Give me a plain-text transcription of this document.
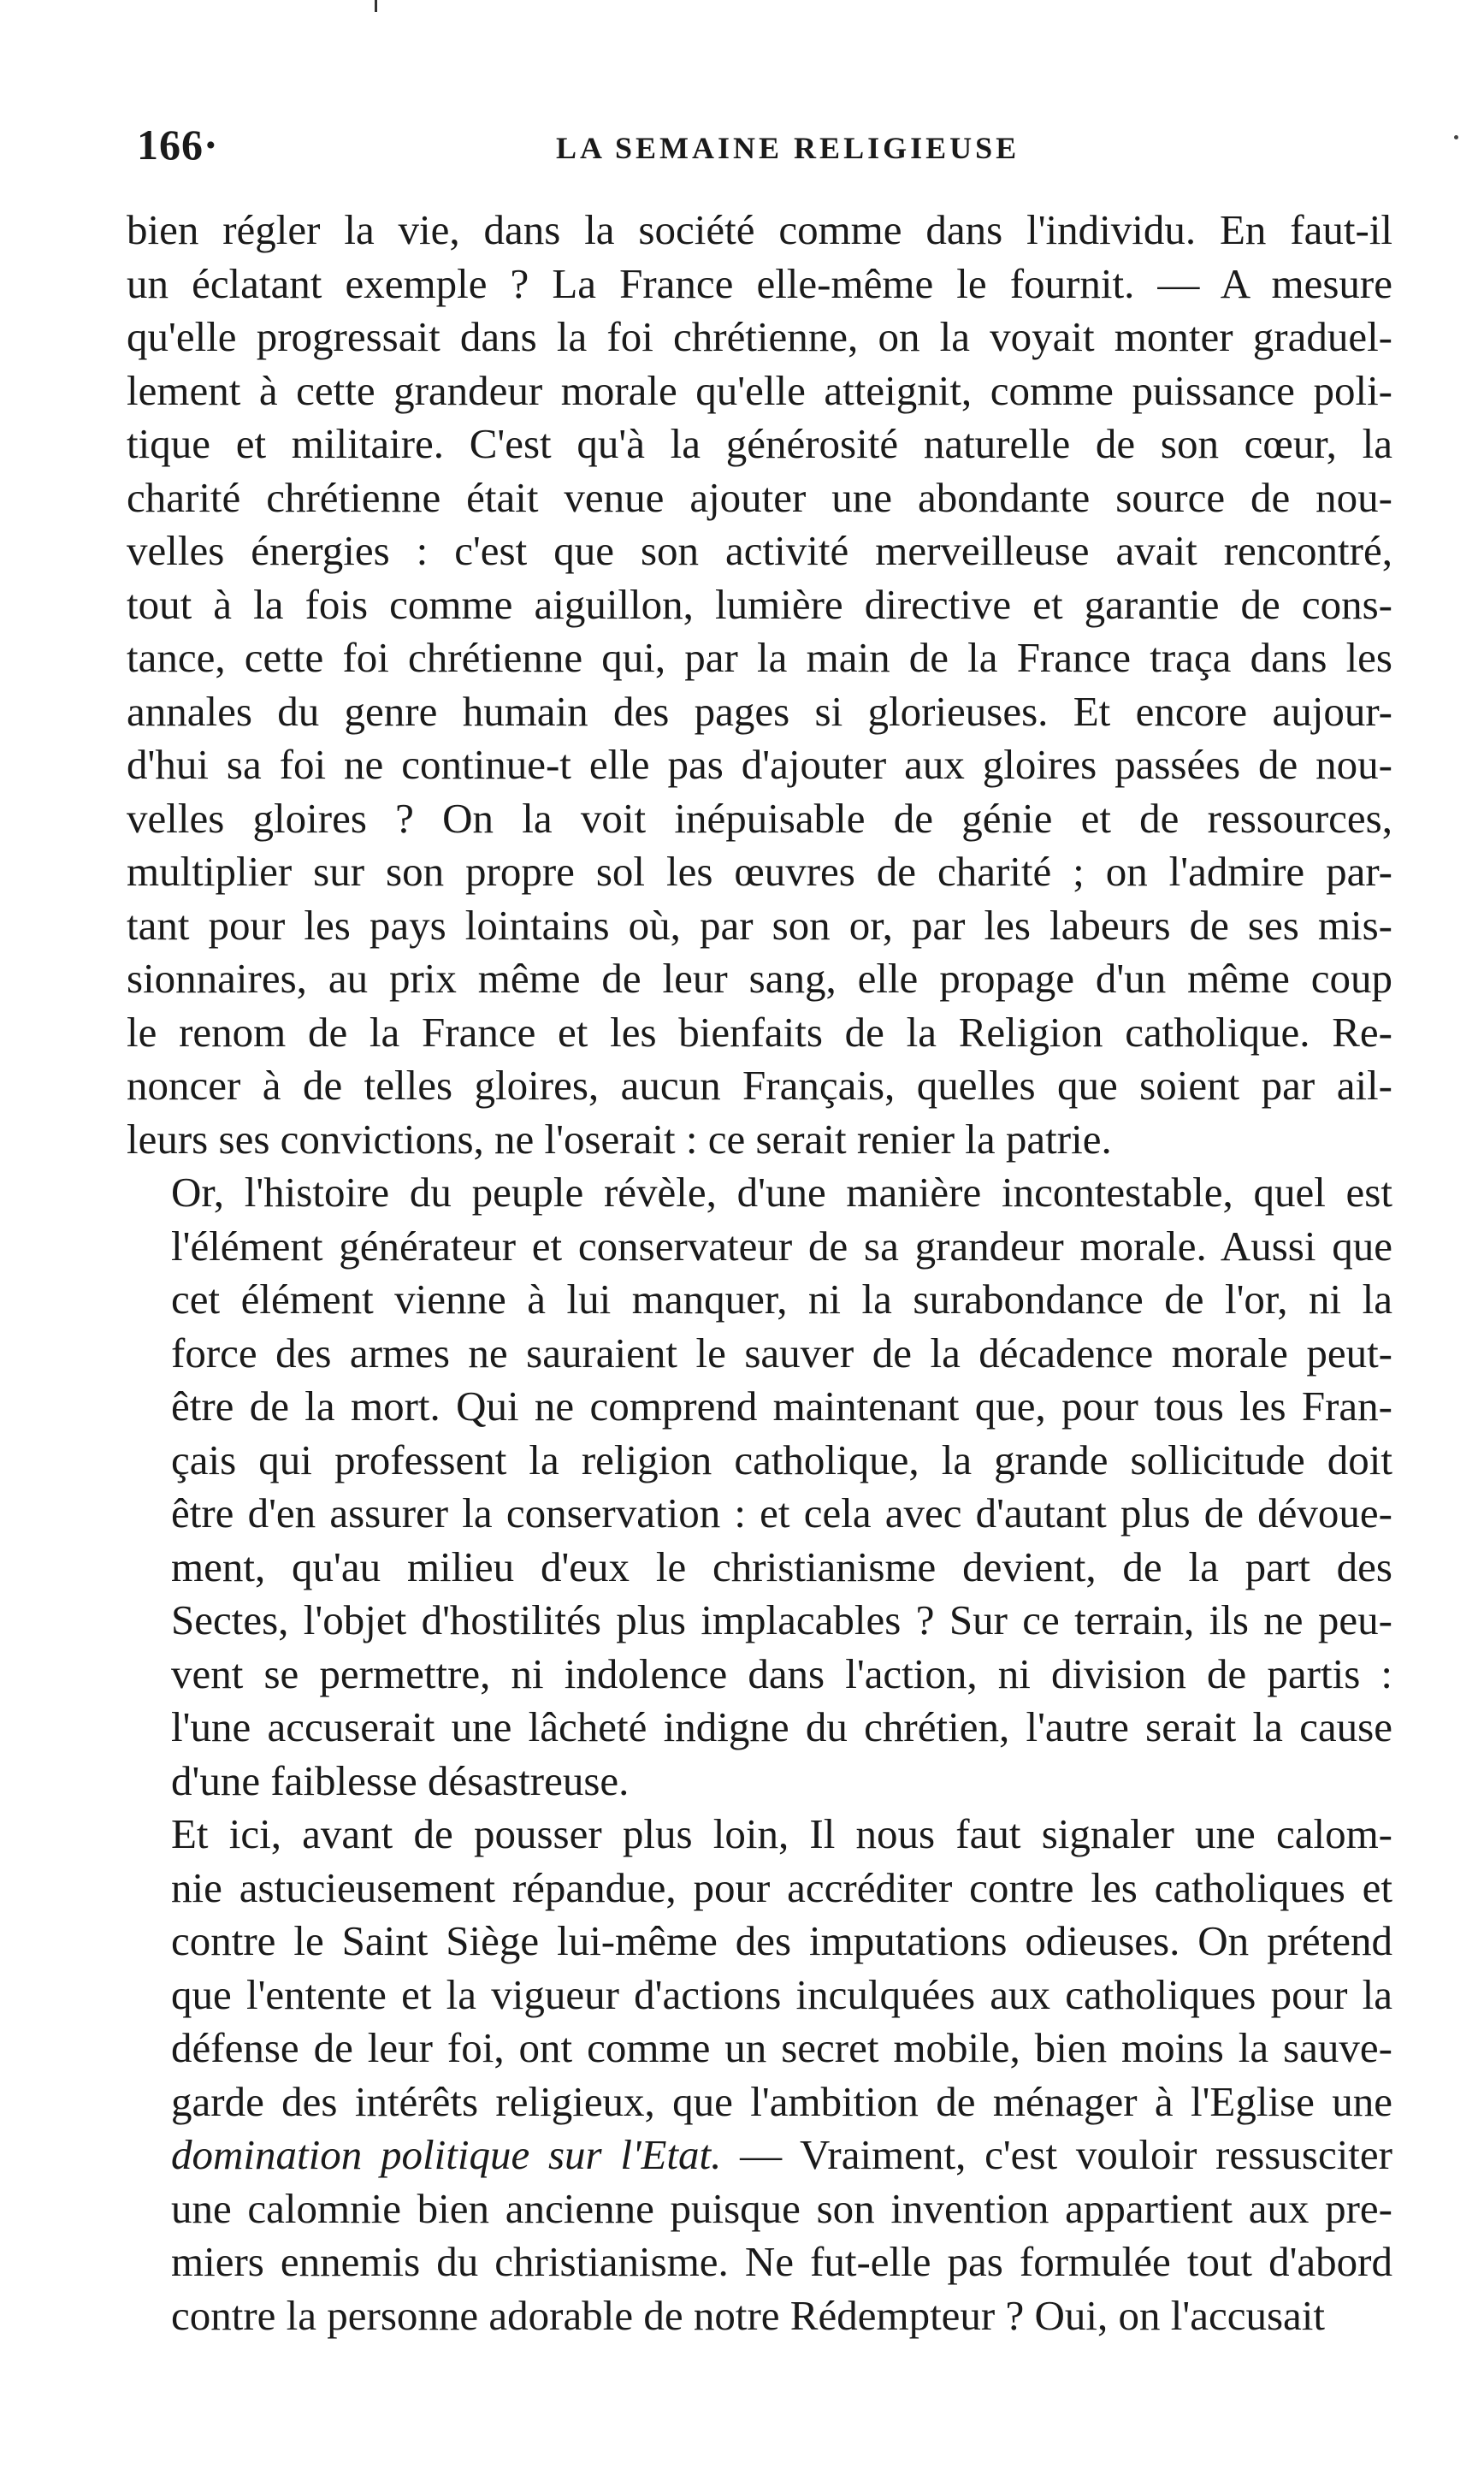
166·	LA SEMAINE RELIGIEUSE
bien régler la vie, dans la société comme dans l'individu. En faut-il
un éclatant exemple ? La France elle-même le fournit. — A mesure
qu'elle progressait dans la foi chrétienne, on la voyait monter graduel-
lement à cette grandeur morale qu'elle atteignit, comme puissance poli-
tique et militaire. C'est qu'à la générosité naturelle de son cœur, la
charité chrétienne était venue ajouter une abondante source de nou-
velles énergies : c'est que son activité merveilleuse avait rencontré,
tout à la fois comme aiguillon, lumière directive et garantie de cons-
tance, cette foi chrétienne qui, par la main de la France traça dans les
annales du genre humain des pages si glorieuses. Et encore aujour-
d'hui sa foi ne continue-t elle pas d'ajouter aux gloires passées de nou-
velles gloires ? On la voit inépuisable de génie et de ressources,
multiplier sur son propre sol les œuvres de charité ; on l'admire par-
tant pour les pays lointains où, par son or, par les labeurs de ses mis-
sionnaires, au prix même de leur sang, elle propage d'un même coup
le renom de la France et les bienfaits de la Religion catholique. Re-
noncer à de telles gloires, aucun Français, quelles que soient par ail-
leurs ses convictions, ne l'oserait : ce serait renier la patrie.
Or, l'histoire du peuple révèle, d'une manière incontestable, quel est
l'élément générateur et conservateur de sa grandeur morale. Aussi que
cet élément vienne à lui manquer, ni la surabondance de l'or, ni la
force des armes ne sauraient le sauver de la décadence morale peut-
être de la mort. Qui ne comprend maintenant que, pour tous les Fran-
çais qui professent la religion catholique, la grande sollicitude doit
être d'en assurer la conservation : et cela avec d'autant plus de dévoue-
ment, qu'au milieu d'eux le christianisme devient, de la part des
Sectes, l'objet d'hostilités plus implacables ? Sur ce terrain, ils ne peu-
vent se permettre, ni indolence dans l'action, ni division de partis :
l'une accuserait une lâcheté indigne du chrétien, l'autre serait la cause
d'une faiblesse désastreuse.
Et ici, avant de pousser plus loin, Il nous faut signaler une calom-
nie astucieusement répandue, pour accréditer contre les catholiques et
contre le Saint Siège lui-même des imputations odieuses. On prétend
que l'entente et la vigueur d'actions inculquées aux catholiques pour la
défense de leur foi, ont comme un secret mobile, bien moins la sauve-
garde des intérêts religieux, que l'ambition de ménager à l'Eglise une
domination politique sur l'Etat. — Vraiment, c'est vouloir ressusciter
une calomnie bien ancienne puisque son invention appartient aux pre-
miers ennemis du christianisme. Ne fut-elle pas formulée tout d'abord
contre la personne adorable de notre Rédempteur ? Oui, on l'accusait
